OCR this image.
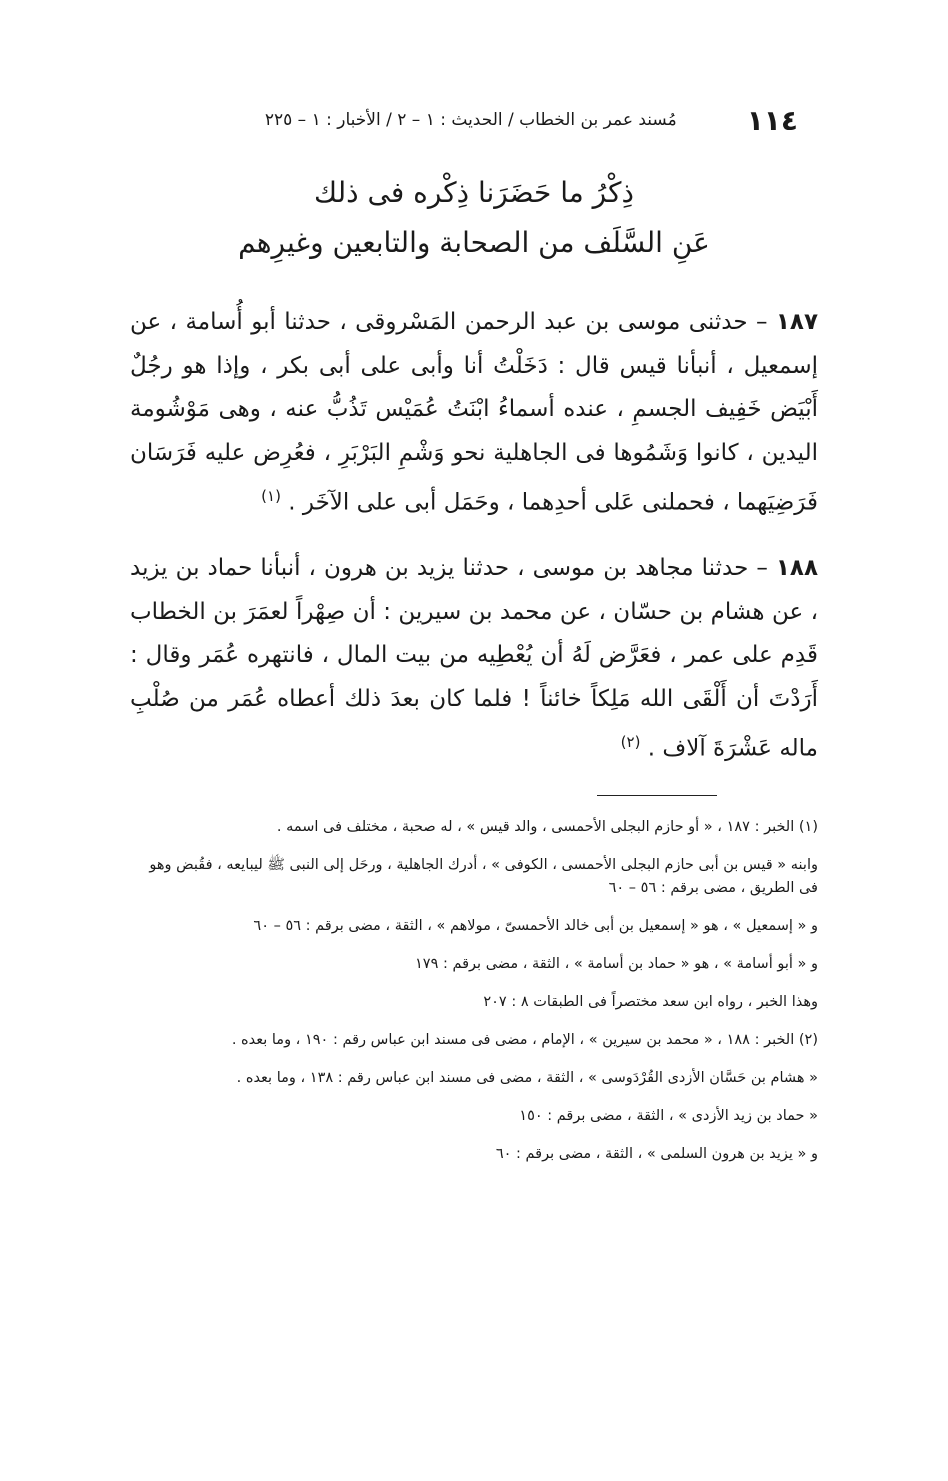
١١٤
مُسند عمر بن الخطاب / الحديث : ١ – ٢ / الأخبار : ١ – ٢٢٥
ذِكْرُ ما حَضَرَنا ذِكْره فى ذلك
عَنِ السَّلَف من الصحابة والتابعين وغيرِهم

١٨٧ – حدثنى موسى بن عبد الرحمن المَسْروقى ، حدثنا أبو أُسامة ، عن إسمعيل ، أنبأنا قيس قال : دَخَلْتُ أنا وأبى على أبى بكر ، وإذا هو رجُلٌ أَبْيَض خَفِيف الجسمِ ، عنده أسماءُ ابْنَتُ عُمَيْس تَذُبُّ عنه ، وهى مَوْشُومة اليدين ، كانوا وَشَمُوها فى الجاهلية نحو وَشْمِ البَرْبَرِ ، فعُرِض عليه فَرَسَان فَرَضِيَهما ، فحملنى عَلى أحدِهما ، وحَمَل أبى على الآخَر . $^{(١)}$

١٨٨ – حدثنا مجاهد بن موسى ، حدثنا يزيد بن هرون ، أنبأنا حماد بن يزيد ، عن هشام بن حسّان ، عن محمد بن سيرين : أن صِهْراً لعمَرَ بن الخطاب قَدِم على عمر ، فعَرَّض لَهُ أن يُعْطِيه من بيت المال ، فانتهره عُمَر وقال : أَرَدْتَ أن أَلْقَى الله مَلِكاً خائناً ! فلما كان بعدَ ذلك أعطاه عُمَر من صُلْبِ ماله عَشْرَةَ آلاف . $^{(٢)}$

(١) الخبر : ١٨٧ ، « أو حازم البجلى الأحمسى ، والد قيس » ، له صحبة ، مختلف فى اسمه .
وابنه « قيس بن أبى حازم البجلى الأحمسى ، الكوفى » ، أدرك الجاهلية ، ورحَل إلى النبى ﷺ ليبايعه ، فقُبض وهو فى الطريق ، مضى برقم : ٥٦ – ٦٠
و « إسمعيل » ، هو « إسمعيل بن أبى خالد الأحمسىّ ، مولاهم » ، الثقة ، مضى برقم : ٥٦ – ٦٠
و « أبو أسامة » ، هو « حماد بن أسامة » ، الثقة ، مضى برقم : ١٧٩
وهذا الخبر ، رواه ابن سعد مختصراً فى الطبقات ٨ : ٢٠٧
(٢) الخبر : ١٨٨ ، « محمد بن سيرين » ، الإمام ، مضى فى مسند ابن عباس رقم : ١٩٠ ، وما بعده .
« هشام بن حَسَّان الأزدى القُرْدَوسى » ، الثقة ، مضى فى مسند ابن عباس رقم : ١٣٨ ، وما بعده .
« حماد بن زيد الأزدى » ، الثقة ، مضى برقم : ١٥٠
و « يزيد بن هرون السلمى » ، الثقة ، مضى برقم : ٦٠
